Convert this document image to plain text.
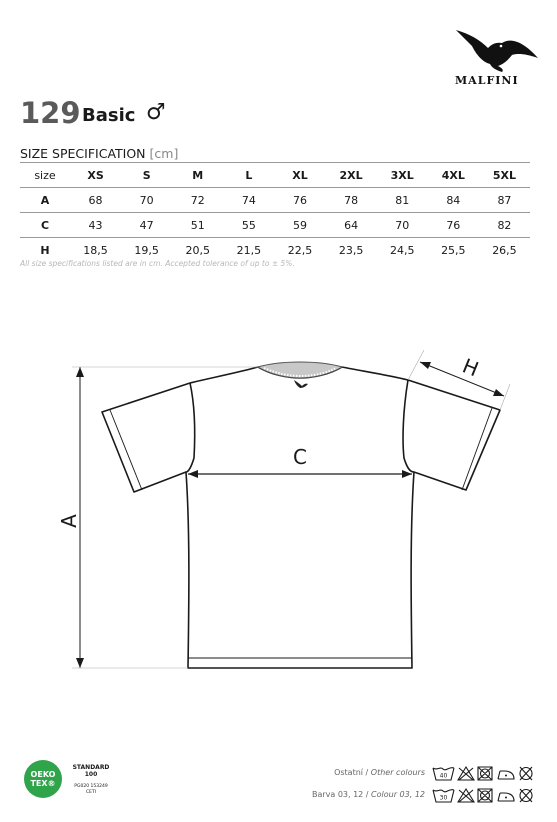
MALFINI
129 Basic ♂
SIZE SPECIFICATION [cm]
size	XS	S	M	L	XL	2XL	3XL	4XL	5XL
A	68	70	72	74	76	78	81	84	87
C	43	47	51	55	59	64	70	76	82
H	18,5	19,5	20,5	21,5	22,5	23,5	24,5	25,5	26,5
All size specifications listed are in cm. Accepted tolerance of up to ± 5%.
A
C
H
OEKO
TEX®
STANDARD
100
PG020 153249
CETI
Ostatní / Other colours
Barva 03, 12 / Colour 03, 12
40
30
